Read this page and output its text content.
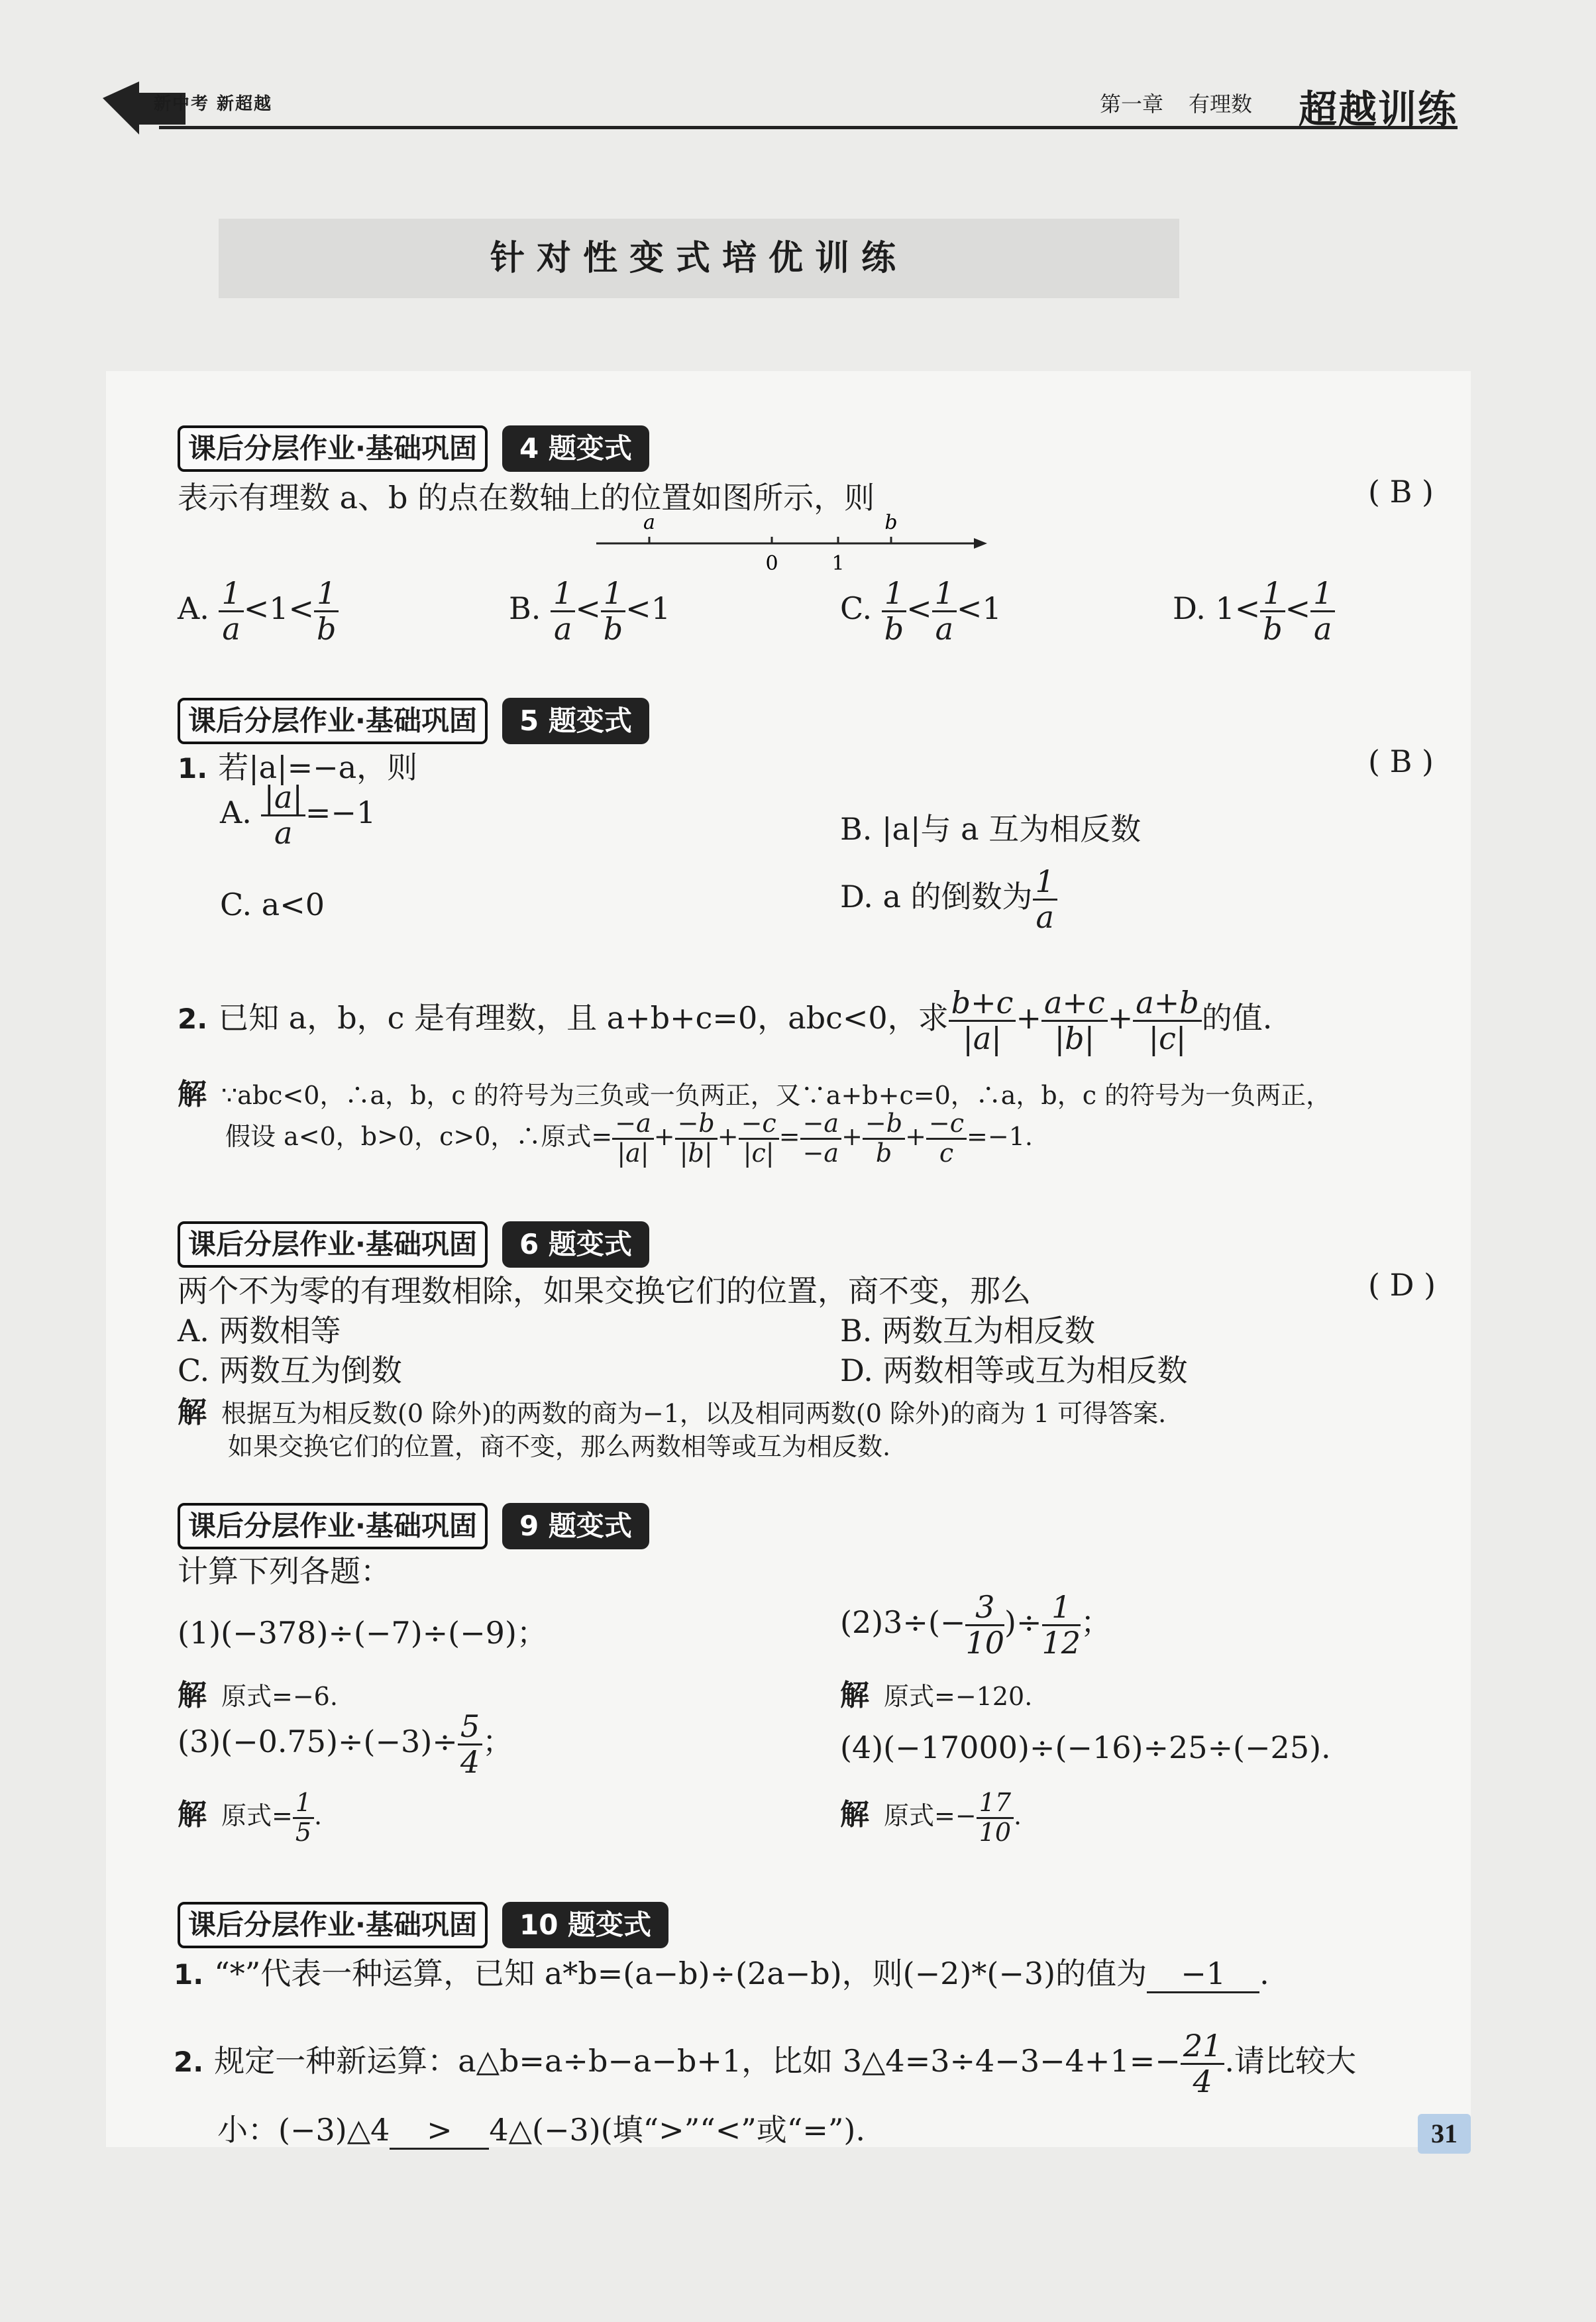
新中考 新超越	第一章 有理数	超越训练
针对性变式培优训练
课后分层作业·基础巩固	4 题变式
表示有理数 a、b 的点在数轴上的位置如图所示，则	( B )
a	b
0	1
A. $\frac{1}{a} <1< \frac{1}{b}$	B. $\frac{1}{a} < \frac{1}{b} <1$	C. $\frac{1}{b} < \frac{1}{a} <1$	D. $1< \frac{1}{b} < \frac{1}{a}$
课后分层作业·基础巩固	5 题变式
1. 若|a|=−a，则	( B )
A. $\frac{|a|}{a} =-1$	B. |a|与 a 互为相反数
C. a<0	D. a 的倒数为 $\frac{1}{a}$
2. 已知 a，b，c 是有理数，且 a+b+c=0，abc<0，求 $\frac{b+c}{|a|} + \frac{a+c}{|b|} + \frac{a+b}{|c|}$ 的值.
解 ∵abc<0，∴a，b，c 的符号为三负或一负两正，又∵a+b+c=0，∴a，b，c 的符号为一负两正，
假设 a<0，b>0，c>0，∴原式= $\frac{-a}{|a|} + \frac{-b}{|b|} + \frac{-c}{|c|} = \frac{-a}{-a} + \frac{-b}{b} + \frac{-c}{c} =-1$.
课后分层作业·基础巩固	6 题变式
两个不为零的有理数相除，如果交换它们的位置，商不变，那么	( D )
A. 两数相等	B. 两数互为相反数
C. 两数互为倒数	D. 两数相等或互为相反数
解 根据互为相反数(0 除外)的两数的商为−1，以及相同两数(0 除外)的商为 1 可得答案.
如果交换它们的位置，商不变，那么两数相等或互为相反数.
课后分层作业·基础巩固	9 题变式
计算下列各题：
(1)(−378)÷(−7)÷(−9)；	$(2)3\div(- \frac{3}{10}$ )÷ $\frac{1}{12}$ ；
解 原式=−6.	解 原式=−120.
$(3)(-0.75)\div(-3)\div \frac{5}{4}$ ；	(4)(−17000)÷(−16)÷25÷(−25).
解 原式= $\frac{1}{5}$ .	解 原式=− $\frac{17}{10}$ .
课后分层作业·基础巩固	10 题变式
1. “*”代表一种运算，已知 a*b=(a−b)÷(2a−b)，则(−2)*(−3)的值为 −1 .
2. 规定一种新运算：a△b=a÷b−a−b+1，比如 3△4=3÷4−3−4+1=− $\frac{21}{4}$ .请比较大
小：(−3)△4 > 4△(−3)(填“>”“<”或“=”).	31
